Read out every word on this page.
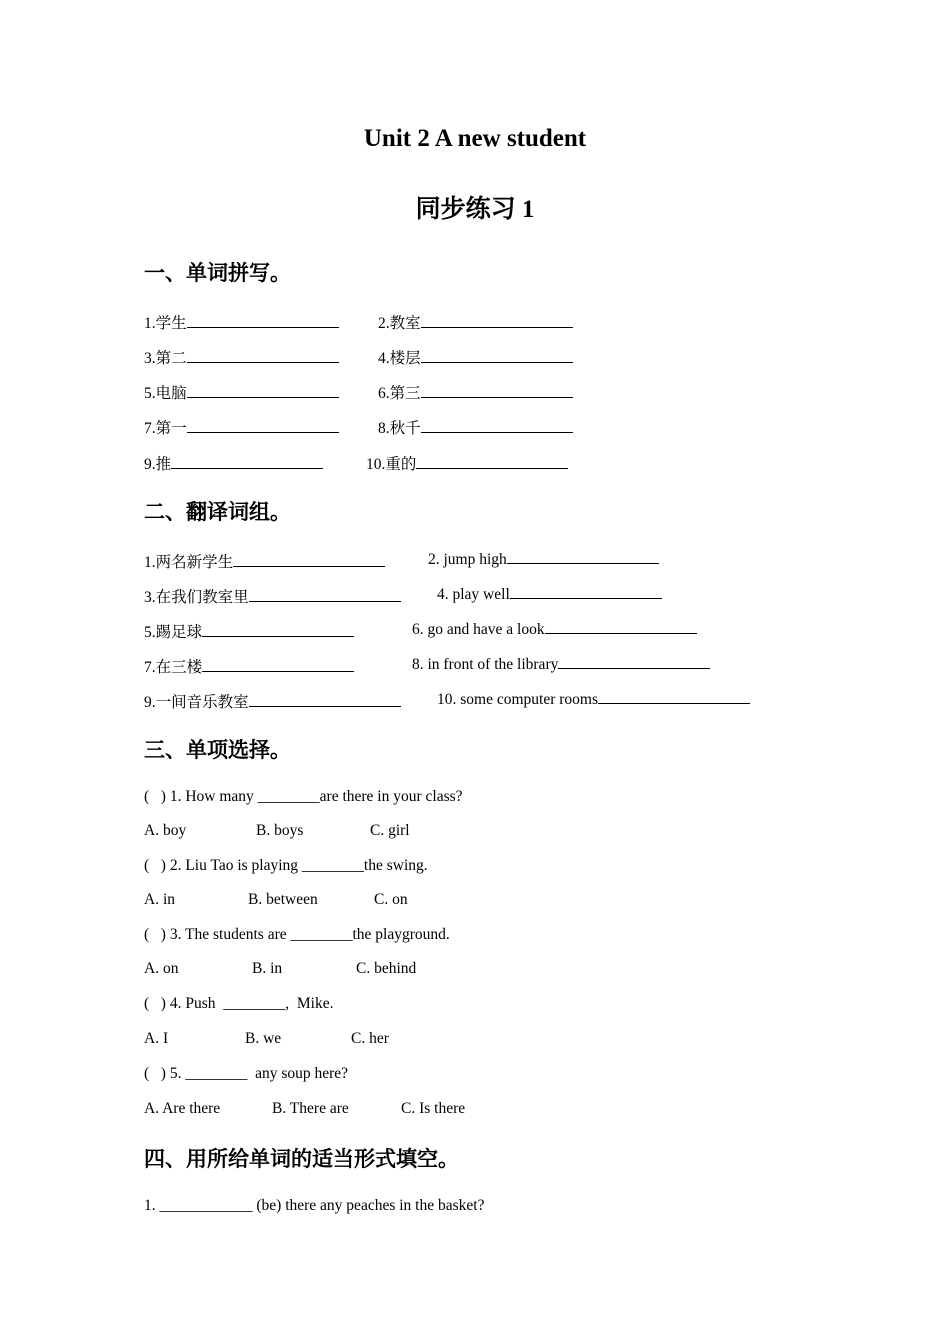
Unit 2 A new student
同步练习 1
一、单词拼写。
1.学生	2.教室
3.第二	4.楼层
5.电脑	6.第三
7.第一	8.秋千
9.推	10.重的
二、翻译词组。
1.两名新学生	2. jump high
3.在我们教室里	4. play well
5.踢足球	6. go and have a look
7.在三楼	8. in front of the library
9.一间音乐教室	10. some computer rooms
三、单项选择。
(   ) 1. How many ________are there in your class?
A. boy	B. boys	C. girl
(   ) 2. Liu Tao is playing ________the swing.
A. in	B. between	C. on
(   ) 3. The students are ________the playground.
A. on	B. in	C. behind
(   ) 4. Push  ________,  Mike.
A. I	B. we	C. her
(   ) 5. ________  any soup here?
A. Are there	B. There are	C. Is there
四、用所给单词的适当形式填空。
1. ____________ (be) there any peaches in the basket?
